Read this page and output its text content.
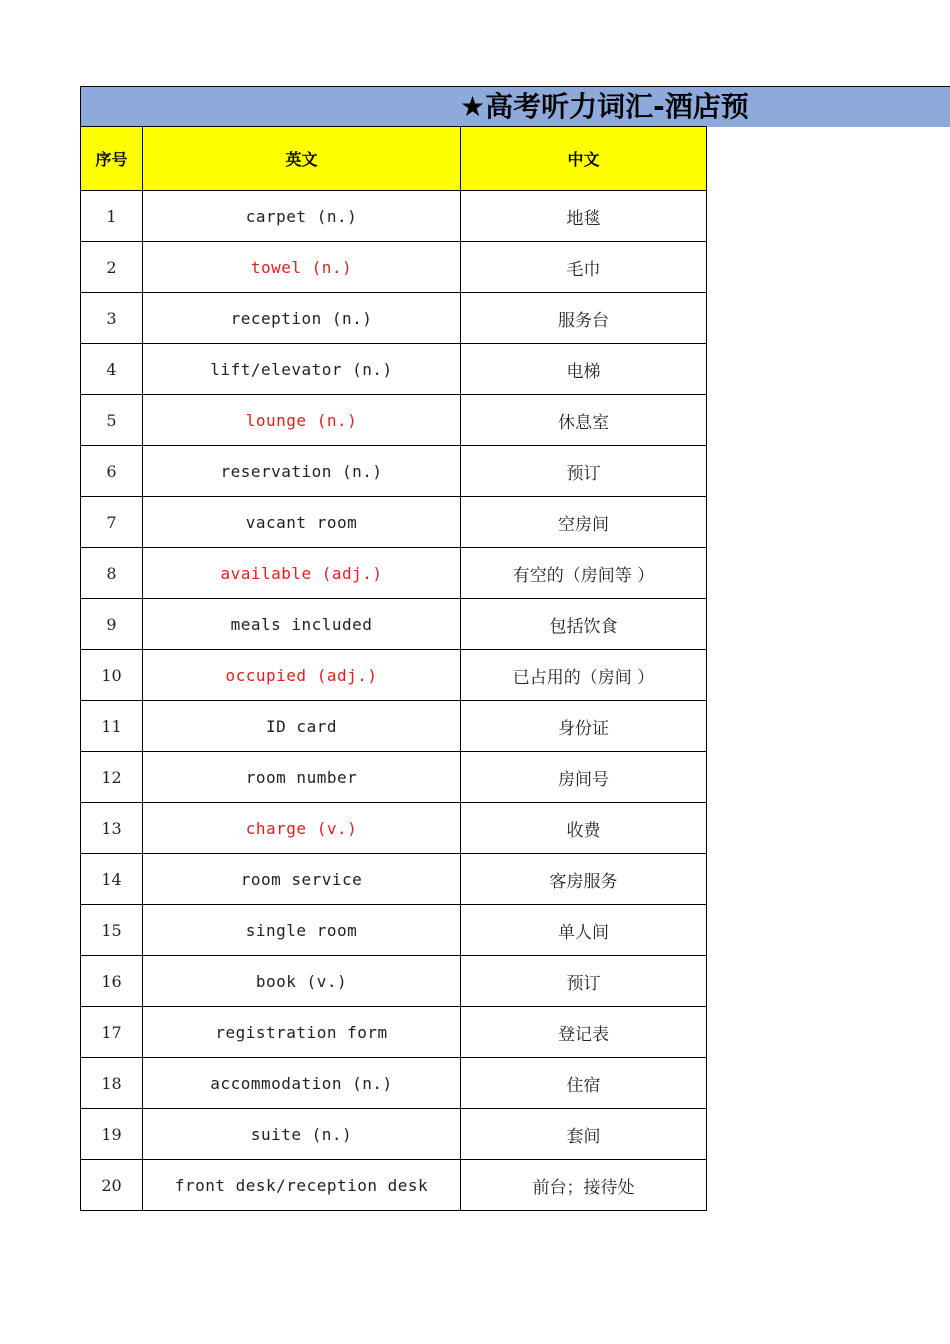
★高考听力词汇-酒店预
序号	英文	中文
1	carpet (n.)	地毯
2	towel (n.)	毛巾
3	reception (n.)	服务台
4	lift/elevator (n.)	电梯
5	lounge (n.)	休息室
6	reservation (n.)	预订
7	vacant room	空房间
8	available (adj.)	有空的（房间等 ）
9	meals included	包括饮食
10	occupied (adj.)	已占用的（房间 ）
11	ID card	身份证
12	room number	房间号
13	charge (v.)	收费
14	room service	客房服务
15	single room	单人间
16	book (v.)	预订
17	registration form	登记表
18	accommodation (n.)	住宿
19	suite (n.)	套间
20	front desk/reception desk	前台；接待处
